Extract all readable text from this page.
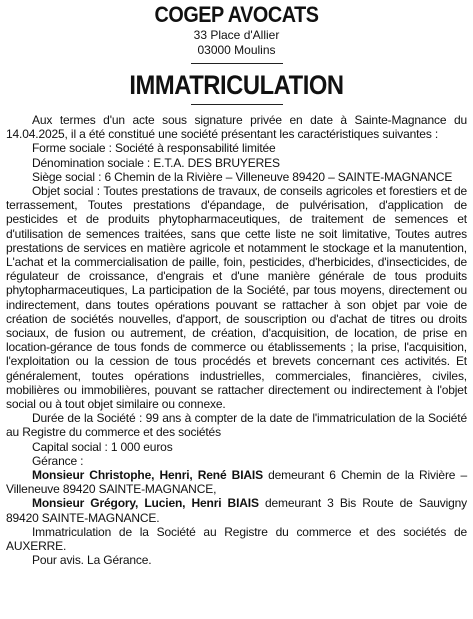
COGEP AVOCATS
33 Place d'Allier
03000 Moulins
IMMATRICULATION

Aux termes d'un acte sous signature privée en date à Sainte-Magnance du 14.04.2025, il a été constitué une société présentant les caractéristiques suivantes :

Forme sociale : Société à responsabilité limitée

Dénomination sociale : E.T.A. DES BRUYERES

Siège social : 6 Chemin de la Rivière – Villeneuve 89420 – SAINTE-MAGNANCE

Objet social : Toutes prestations de travaux, de conseils agricoles et forestiers et de terrassement, Toutes prestations d'épandage, de pulvérisation, d'application de pesticides et de produits phytopharmaceutiques, de traitement de semences et d'utilisation de semences traitées, sans que cette liste ne soit limitative, Toutes autres prestations de services en matière agricole et notamment le stockage et la manutention, L'achat et la commercialisation de paille, foin, pesticides, d'herbicides, d'insecticides, de régulateur de croissance, d'engrais et d'une manière générale de tous produits phytopharmaceutiques, La participation de la Société, par tous moyens, directement ou indirectement, dans toutes opérations pouvant se rattacher à son objet par voie de création de sociétés nouvelles, d'apport, de souscription ou d'achat de titres ou droits sociaux, de fusion ou autrement, de création, d'acquisition, de location, de prise en location-gérance de tous fonds de commerce ou établissements ; la prise, l'acquisition, l'exploitation ou la cession de tous procédés et brevets concernant ces activités. Et généralement, toutes opérations industrielles, commerciales, financières, civiles, mobilières ou immobilières, pouvant se rattacher directement ou indirectement à l'objet social ou à tout objet similaire ou connexe.

Durée de la Société : 99 ans à compter de la date de l'immatriculation de la Société au Registre du commerce et des sociétés

Capital social : 1 000 euros

Gérance :

Monsieur Christophe, Henri, René BIAIS demeurant 6 Chemin de la Rivière – Villeneuve 89420 SAINTE-MAGNANCE,

Monsieur Grégory, Lucien, Henri BIAIS demeurant 3 Bis Route de Sauvigny 89420 SAINTE-MAGNANCE.

Immatriculation de la Société au Registre du commerce et des sociétés de AUXERRE.

Pour avis. La Gérance.
